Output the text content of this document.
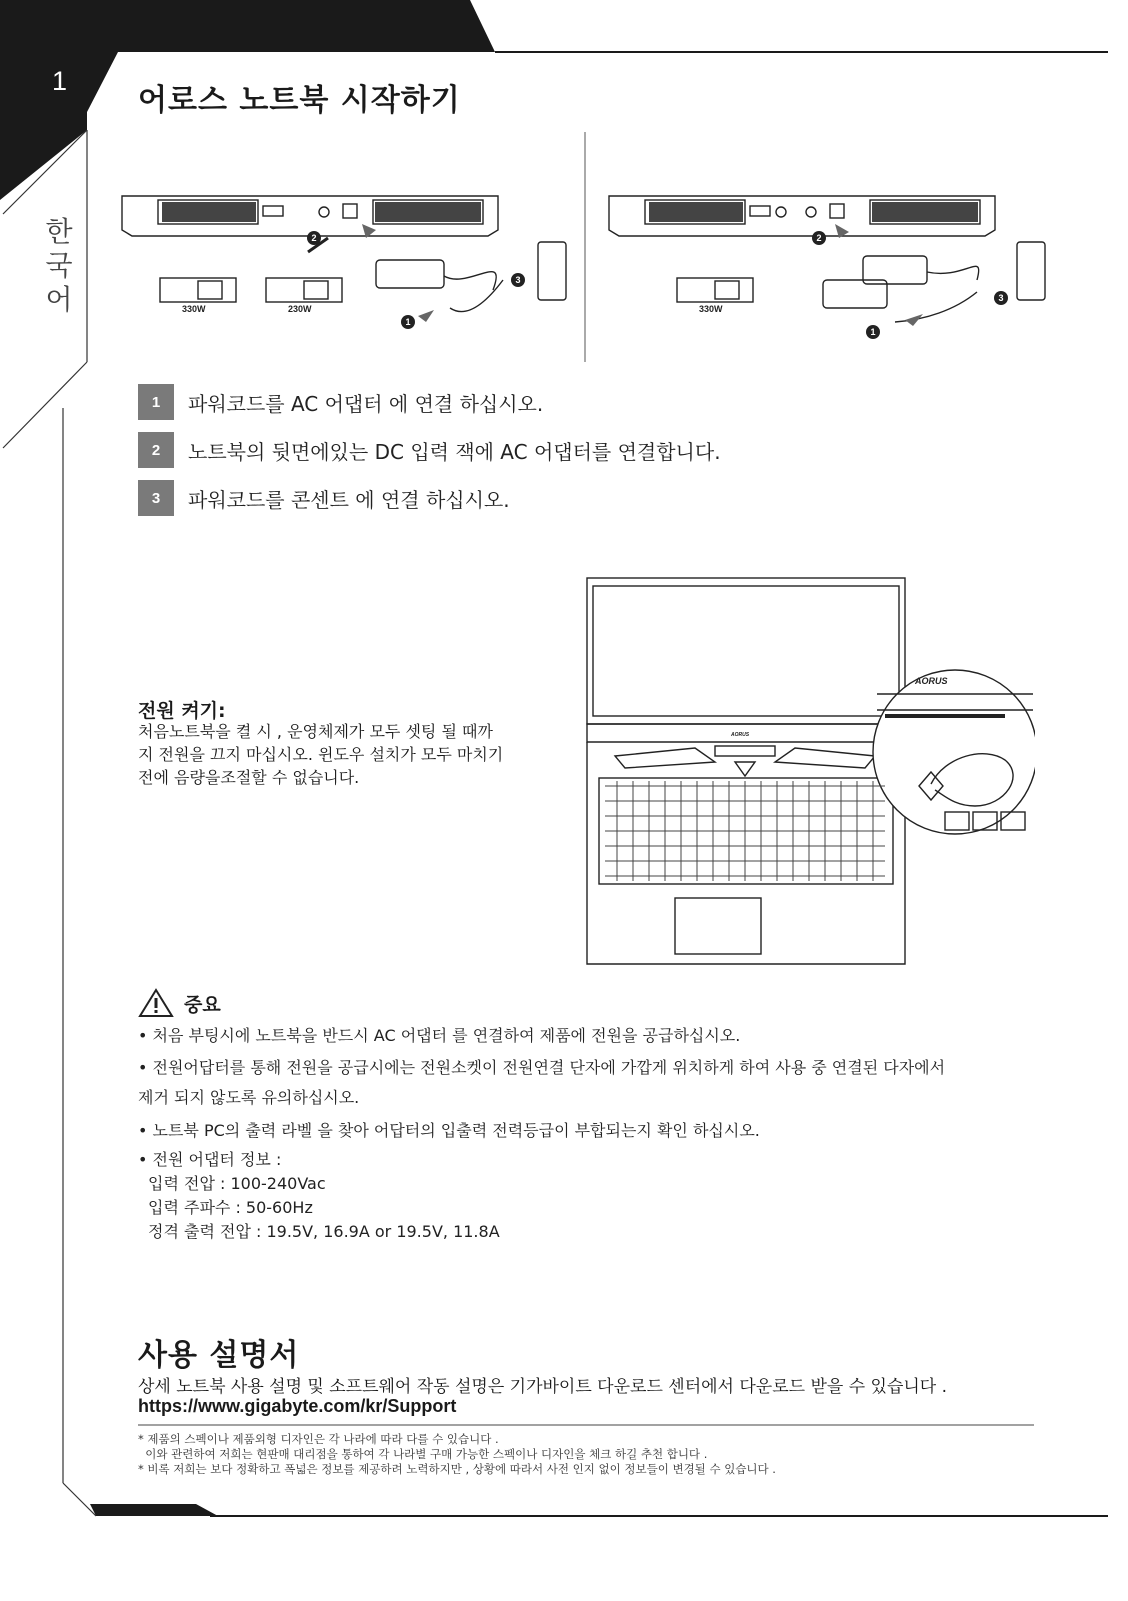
1
한
국
어
어로스 노트북 시작하기
330W	230W
1
2
3
330W
1
2
3
1	파워코드를 AC 어댑터 에 연결 하십시오.
2	노트북의 뒷면에있는 DC 입력 잭에 AC 어댑터를 연결합니다.
3	파워코드를 콘센트 에 연결 하십시오.
전원 켜기:
처음노트북을 켤 시 , 운영체제가 모두 셋팅 될 때까
지 전원을 끄지 마십시오. 윈도우 설치가 모두 마치기
전에 음량을조절할 수 없습니다.
AORUS
AORUS
중요
• 처음 부팅시에 노트북을 반드시 AC 어댑터 를 연결하여 제품에 전원을 공급하십시오.
• 전원어답터를 통해 전원을 공급시에는 전원소켓이 전원연결 단자에 가깝게 위치하게 하여 사용 중 연결된 다자에서
제거 되지 않도록 유의하십시오.
• 노트북 PC의 출력 라벨 을 찾아 어답터의 입출력 전력등급이 부합되는지 확인 하십시오.
• 전원 어댑터 정보 :
입력 전압 : 100-240Vac
입력 주파수 : 50-60Hz
정격 출력 전압 : 19.5V, 16.9A or 19.5V, 11.8A
사용 설명서
상세 노트북 사용 설명 및 소프트웨어 작동 설명은 기가바이트 다운로드 센터에서 다운로드 받을 수 있습니다 .
https://www.gigabyte.com/kr/Support
* 제품의 스펙이나 제품외형 디자인은 각 나라에 따라 다를 수 있습니다 .
이와 관련하여 저희는 현판매 대리점을 통하여 각 나라별 구매 가능한 스펙이나 디자인을 체크 하길 추천 합니다 .
* 비록 저희는 보다 정확하고 폭넓은 정보를 제공하려 노력하지만 , 상황에 따라서 사전 인지 없이 정보들이 변경될 수 있습니다 .
